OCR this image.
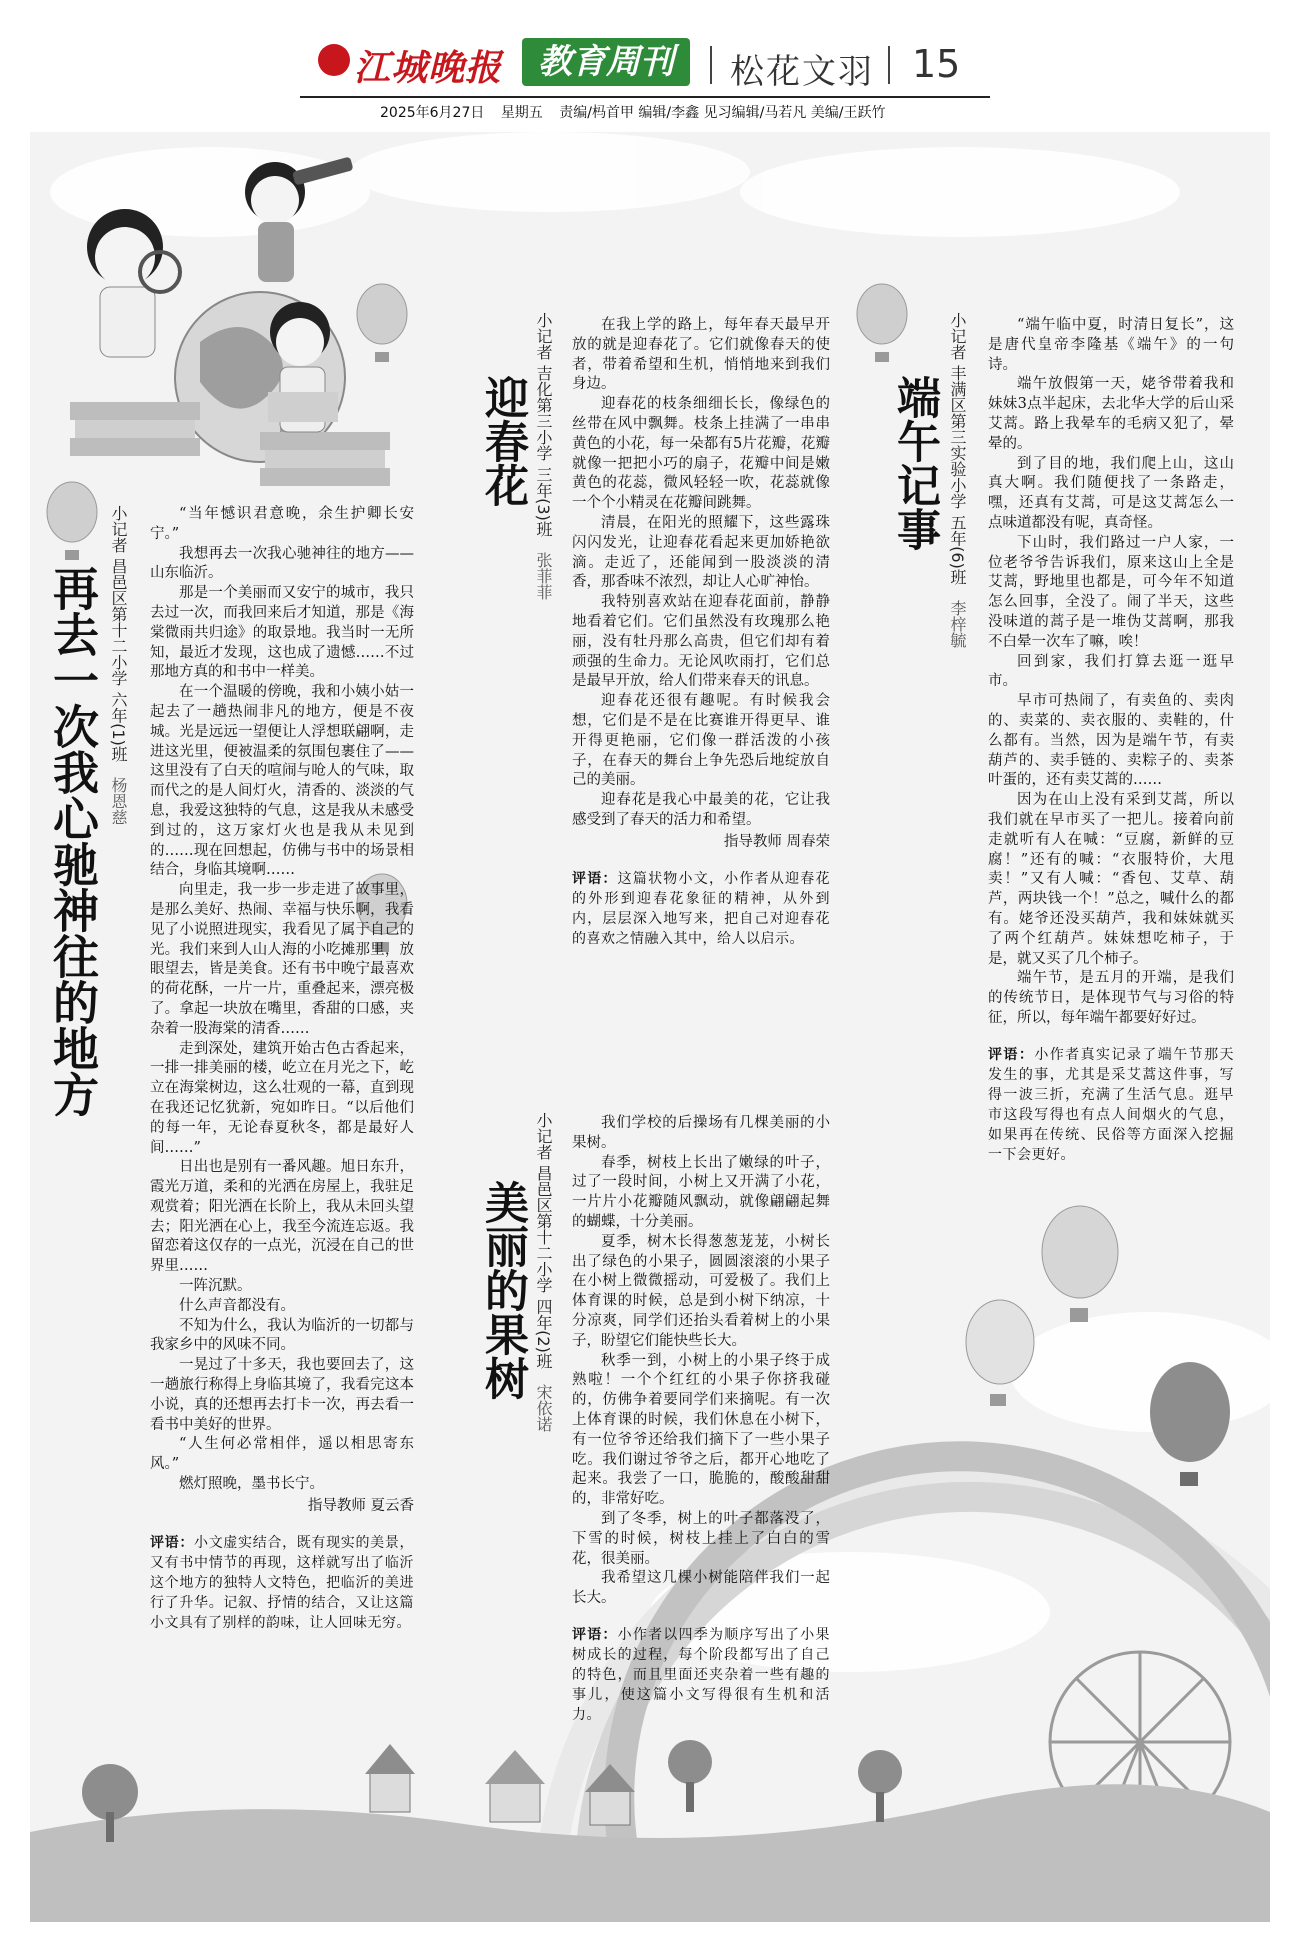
江城晚报	教育周刊	松花文羽 15
2025年6月27日 星期五 责编/杩首甲 编辑/李鑫 见习编辑/马若凡 美编/王跃竹
再去一次我心驰神往的地方
小记者 昌邑区第十二小学 六年(1)班 杨恩慈

“当年憾识君意晚，余生护卿长安宁。”

我想再去一次我心驰神往的地方——山东临沂。

那是一个美丽而又安宁的城市，我只去过一次，而我回来后才知道，那是《海棠微雨共归途》的取景地。我当时一无所知，最近才发现，这也成了遗憾……不过那地方真的和书中一样美。

在一个温暖的傍晚，我和小姨小姑一起去了一趟热闹非凡的地方，便是不夜城。光是远远一望便让人浮想联翩啊，走进这光里，便被温柔的氛围包裹住了——这里没有了白天的喧闹与呛人的气味，取而代之的是人间灯火，清香的、淡淡的气息，我爱这独特的气息，这是我从未感受到过的，这万家灯火也是我从未见到的……现在回想起，仿佛与书中的场景相结合，身临其境啊……

向里走，我一步一步走进了故事里，是那么美好、热闹、幸福与快乐啊，我看见了小说照进现实，我看见了属于自己的光。我们来到人山人海的小吃摊那里，放眼望去，皆是美食。还有书中晚宁最喜欢的荷花酥，一片一片，重叠起来，漂亮极了。拿起一块放在嘴里，香甜的口感，夹杂着一股海棠的清香……

走到深处，建筑开始古色古香起来，一排一排美丽的楼，屹立在月光之下，屹立在海棠树边，这么壮观的一幕，直到现在我还记忆犹新，宛如昨日。“以后他们的每一年，无论春夏秋冬，都是最好人间……”

日出也是别有一番风趣。旭日东升，霞光万道，柔和的光洒在房屋上，我驻足观赏着；阳光洒在长阶上，我从未回头望去；阳光洒在心上，我至今流连忘返。我留恋着这仅存的一点光，沉浸在自己的世界里……

一阵沉默。

什么声音都没有。

不知为什么，我认为临沂的一切都与我家乡中的风味不同。

一晃过了十多天，我也要回去了，这一趟旅行称得上身临其境了，我看完这本小说，真的还想再去打卡一次，再去看一看书中美好的世界。

“人生何必常相伴，遥以相思寄东风。”

燃灯照晚，墨书长宁。

指导教师 夏云香
评语：小文虚实结合，既有现实的美景，又有书中情节的再现，这样就写出了临沂这个地方的独特人文特色，把临沂的美进行了升华。记叙、抒情的结合，又让这篇小文具有了别样的韵味，让人回味无穷。
迎春花
小记者 吉化第三小学 三年(3)班 张菲菲

在我上学的路上，每年春天最早开放的就是迎春花了。它们就像春天的使者，带着希望和生机，悄悄地来到我们身边。

迎春花的枝条细细长长，像绿色的丝带在风中飘舞。枝条上挂满了一串串黄色的小花，每一朵都有5片花瓣，花瓣就像一把把小巧的扇子，花瓣中间是嫩黄色的花蕊，微风轻轻一吹，花蕊就像一个个小精灵在花瓣间跳舞。

清晨，在阳光的照耀下，这些露珠闪闪发光，让迎春花看起来更加娇艳欲滴。走近了，还能闻到一股淡淡的清香，那香味不浓烈，却让人心旷神怡。

我特别喜欢站在迎春花面前，静静地看着它们。它们虽然没有玫瑰那么艳丽，没有牡丹那么高贵，但它们却有着顽强的生命力。无论风吹雨打，它们总是最早开放，给人们带来春天的讯息。

迎春花还很有趣呢。有时候我会想，它们是不是在比赛谁开得更早、谁开得更艳丽，它们像一群活泼的小孩子，在春天的舞台上争先恐后地绽放自己的美丽。

迎春花是我心中最美的花，它让我感受到了春天的活力和希望。

指导教师 周春荣
评语：这篇状物小文，小作者从迎春花的外形到迎春花象征的精神，从外到内，层层深入地写来，把自己对迎春花的喜欢之情融入其中，给人以启示。
端午记事
小记者 丰满区第三实验小学 五年(6)班 李梓毓

“端午临中夏，时清日复长”，这是唐代皇帝李隆基《端午》的一句诗。

端午放假第一天，姥爷带着我和妹妹3点半起床，去北华大学的后山采艾蒿。路上我晕车的毛病又犯了，晕晕的。

到了目的地，我们爬上山，这山真大啊。我们随便找了一条路走，嘿，还真有艾蒿，可是这艾蒿怎么一点味道都没有呢，真奇怪。

下山时，我们路过一户人家，一位老爷爷告诉我们，原来这山上全是艾蒿，野地里也都是，可今年不知道怎么回事，全没了。闹了半天，这些没味道的蒿子是一堆伪艾蒿啊，那我不白晕一次车了嘛，唉！

回到家，我们打算去逛一逛早市。

早市可热闹了，有卖鱼的、卖肉的、卖菜的、卖衣服的、卖鞋的，什么都有。当然，因为是端午节，有卖葫芦的、卖手链的、卖粽子的、卖茶叶蛋的，还有卖艾蒿的……

因为在山上没有采到艾蒿，所以我们就在早市买了一把儿。接着向前走就听有人在喊：“豆腐，新鲜的豆腐！”还有的喊：“衣服特价，大甩卖！”又有人喊：“香包、艾草、葫芦，两块钱一个！”总之，喊什么的都有。姥爷还没买葫芦，我和妹妹就买了两个红葫芦。妹妹想吃柿子，于是，就又买了几个柿子。

端午节，是五月的开端，是我们的传统节日，是体现节气与习俗的特征，所以，每年端午都要好好过。

评语：小作者真实记录了端午节那天发生的事，尤其是采艾蒿这件事，写得一波三折，充满了生活气息。逛早市这段写得也有点人间烟火的气息，如果再在传统、民俗等方面深入挖掘一下会更好。
美丽的果树
小记者 昌邑区第十二小学 四年(2)班 宋依诺

我们学校的后操场有几棵美丽的小果树。

春季，树枝上长出了嫩绿的叶子，过了一段时间，小树上又开满了小花，一片片小花瓣随风飘动，就像翩翩起舞的蝴蝶，十分美丽。

夏季，树木长得葱葱茏茏，小树长出了绿色的小果子，圆圆滚滚的小果子在小树上微微摇动，可爱极了。我们上体育课的时候，总是到小树下纳凉，十分凉爽，同学们还抬头看着树上的小果子，盼望它们能快些长大。

秋季一到，小树上的小果子终于成熟啦！一个个红红的小果子你挤我碰的，仿佛争着要同学们来摘呢。有一次上体育课的时候，我们休息在小树下，有一位爷爷还给我们摘下了一些小果子吃。我们谢过爷爷之后，都开心地吃了起来。我尝了一口，脆脆的，酸酸甜甜的，非常好吃。

到了冬季，树上的叶子都落没了，下雪的时候，树枝上挂上了白白的雪花，很美丽。

我希望这几棵小树能陪伴我们一起长大。

评语：小作者以四季为顺序写出了小果树成长的过程，每个阶段都写出了自己的特色，而且里面还夹杂着一些有趣的事儿，使这篇小文写得很有生机和活力。
